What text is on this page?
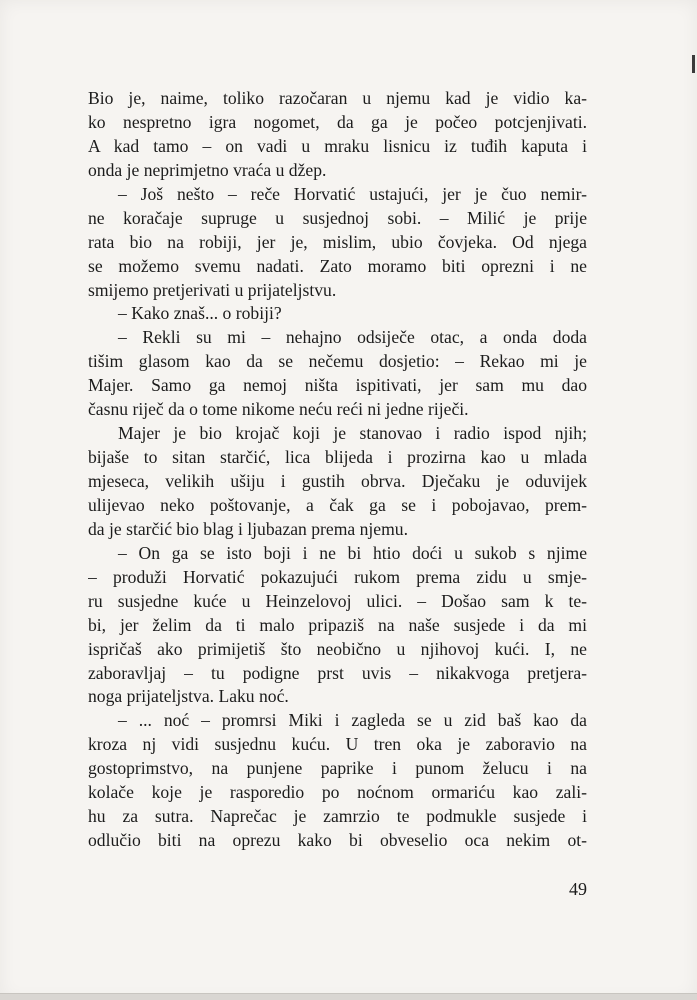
Bio je, naime, toliko razočaran u njemu kad je vidio ka-
ko nespretno igra nogomet, da ga je počeo potcjenjivati.
A kad tamo – on vadi u mraku lisnicu iz tuđih kaputa i
onda je neprimjetno vraća u džep.
– Još nešto – reče Horvatić ustajući, jer je čuo nemir-
ne koračaje supruge u susjednoj sobi. – Milić je prije
rata bio na robiji, jer je, mislim, ubio čovjeka. Od njega
se možemo svemu nadati. Zato moramo biti oprezni i ne
smijemo pretjerivati u prijateljstvu.
– Kako znaš... o robiji?
– Rekli su mi – nehajno odsiječe otac, a onda doda
tišim glasom kao da se nečemu dosjetio: – Rekao mi je
Majer. Samo ga nemoj ništa ispitivati, jer sam mu dao
časnu riječ da o tome nikome neću reći ni jedne riječi.
Majer je bio krojač koji je stanovao i radio ispod njih;
bijaše to sitan starčić, lica blijeda i prozirna kao u mlada
mjeseca, velikih ušiju i gustih obrva. Dječaku je oduvijek
ulijevao neko poštovanje, a čak ga se i pobojavao, prem-
da je starčić bio blag i ljubazan prema njemu.
– On ga se isto boji i ne bi htio doći u sukob s njime
– produži Horvatić pokazujući rukom prema zidu u smje-
ru susjedne kuće u Heinzelovoj ulici. – Došao sam k te-
bi, jer želim da ti malo pripaziš na naše susjede i da mi
ispričaš ako primijetiš što neobično u njihovoj kući. I, ne
zaboravljaj – tu podigne prst uvis – nikakvoga pretjera-
noga prijateljstva. Laku noć.
– ... noć – promrsi Miki i zagleda se u zid baš kao da
kroza nj vidi susjednu kuću. U tren oka je zaboravio na
gostoprimstvo, na punjene paprike i punom želucu i na
kolače koje je rasporedio po noćnom ormariću kao zali-
hu za sutra. Naprečac je zamrzio te podmukle susjede i
odlučio biti na oprezu kako bi obveselio oca nekim ot-
49
